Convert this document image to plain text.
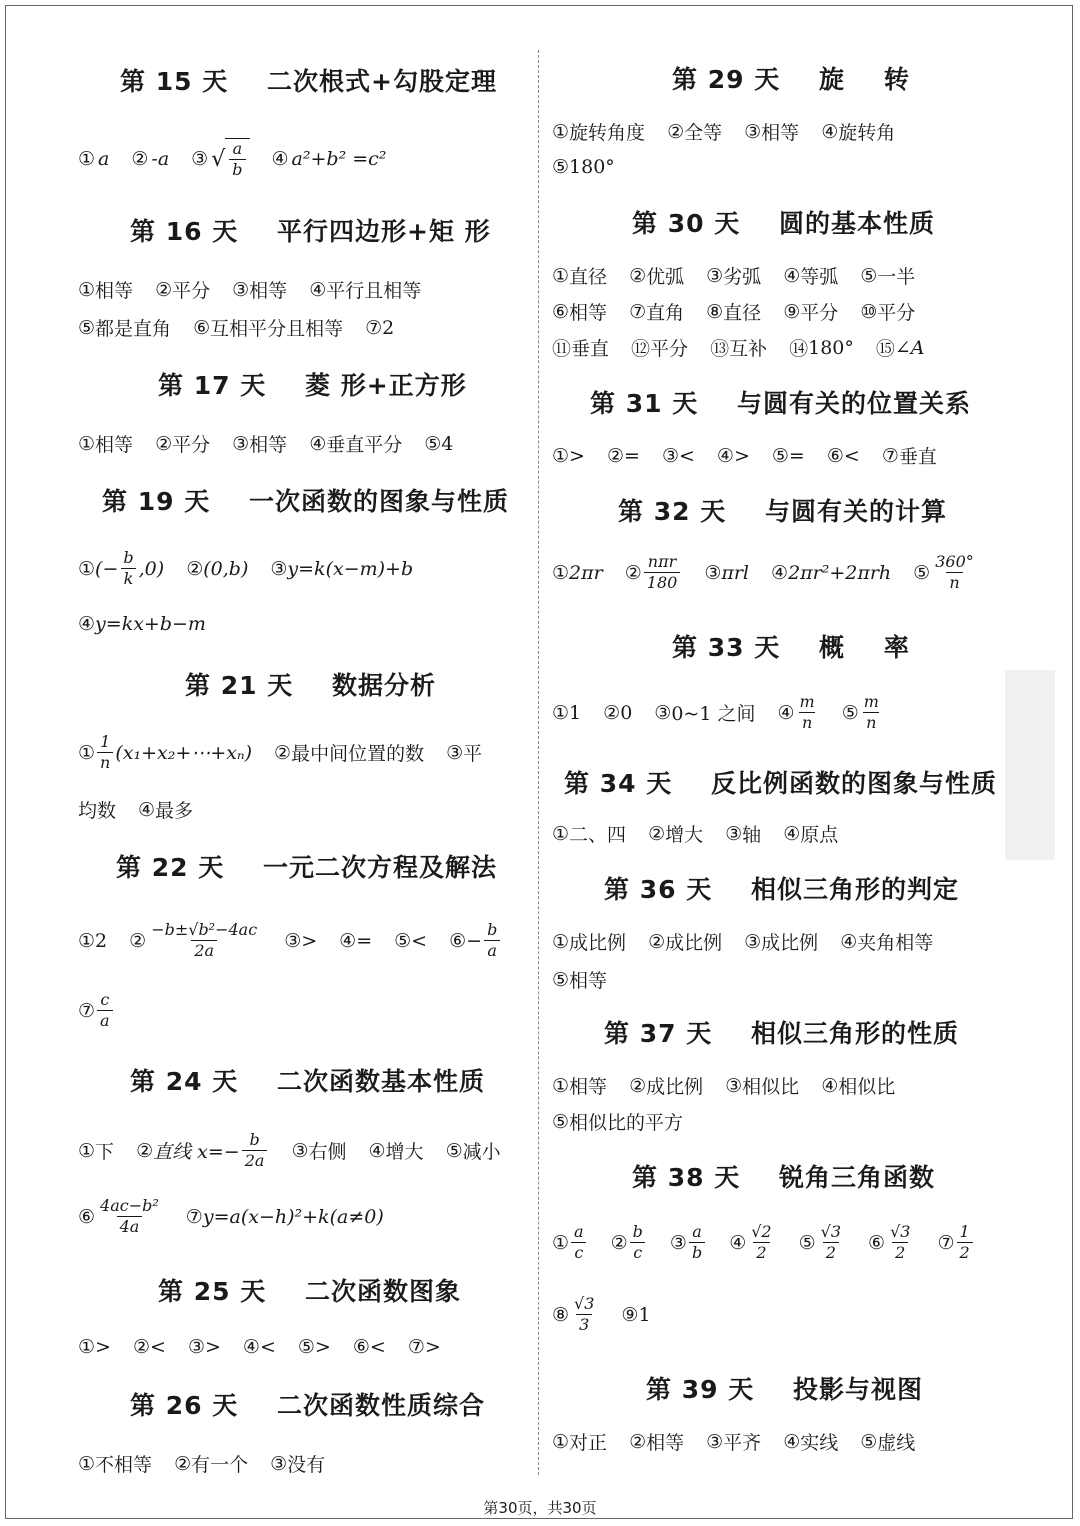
第 15 天    二次根式+勾股定理
① a ② -a ③ √ $\frac{a}{b}$ ④ a²+b² =c²
第 16 天    平行四边形+矩 形
① 相等 ② 平分 ③ 相等 ④ 平行且相等
⑤ 都是直角 ⑥ 互相平分且相等 ⑦ 2
第 17 天    菱 形+正方形
① 相等 ② 平分 ③ 相等 ④ 垂直平分 ⑤ 4
第 19 天    一次函数的图象与性质
① (− $\frac{b}{k} ,0$) ② (0,b) ③ y=k(x−m)+b
④ y=kx+b−m
第 21 天    数据分析
① $\frac{1}{n}$ (x₁+x₂+⋯+xₙ) ② 最中间位置的数 ③ 平
均数 ④ 最多
第 22 天    一元二次方程及解法
① 2 ② $\frac{\text{−b±√b²−4ac}}{2a}$ ③ > ④ = ⑤ < ⑥ − $\frac{b}{a}$
⑦ $\frac{c}{a}$
第 24 天    二次函数基本性质
① 下 ② 直线 $x=- \frac{b}{2a}$ ③ 右侧 ④ 增大 ⑤ 减小
⑥ $\frac{\text{4ac−b²}}{4a}$ ⑦ y=a(x−h)²+k(a≠0)
第 25 天    二次函数图象
① > ② < ③ > ④ < ⑤ > ⑥ < ⑦ >
第 26 天    二次函数性质综合
① 不相等 ② 有一个 ③ 没有
第 29 天    旋    转
① 旋转角度 ② 全等 ③ 相等 ④ 旋转角
⑤ 180°
第 30 天    圆的基本性质
① 直径 ② 优弧 ③ 劣弧 ④ 等弧 ⑤ 一半
⑥ 相等 ⑦ 直角 ⑧ 直径 ⑨ 平分 ⑩ 平分
⑪ 垂直 ⑫ 平分 ⑬ 互补 ⑭ 180° ⑮ ∠A
第 31 天    与圆有关的位置关系
① > ② = ③ < ④ > ⑤ = ⑥ < ⑦ 垂直
第 32 天    与圆有关的计算
① 2πr ② $\frac{\text{nπr}}{180}$ ③ πrl ④ 2πr²+2πrh ⑤ $\frac{360^\circ}{n}$
第 33 天    概    率
① 1 ② 0 ③ 0~1 之间 ④ $\frac{m}{n}$ ⑤ $\frac{m}{n}$
第 34 天    反比例函数的图象与性质
① 二、四 ② 增大 ③ 轴 ④ 原点
第 36 天    相似三角形的判定
① 成比例 ② 成比例 ③ 成比例 ④ 夹角相等
⑤ 相等
第 37 天    相似三角形的性质
① 相等 ② 成比例 ③ 相似比 ④ 相似比
⑤ 相似比的平方
第 38 天    锐角三角函数
① $\frac{a}{c}$ ② $\frac{b}{c}$ ③ $\frac{a}{b}$ ④ $\frac{√2}{2}$ ⑤ $\frac{√3}{2}$ ⑥ $\frac{√3}{2}$ ⑦ $\frac{1}{2}$
⑧ $\frac{√3}{3}$ ⑨ 1
第 39 天    投影与视图
① 对正 ② 相等 ③ 平齐 ④ 实线 ⑤ 虚线
第30页，共30页
